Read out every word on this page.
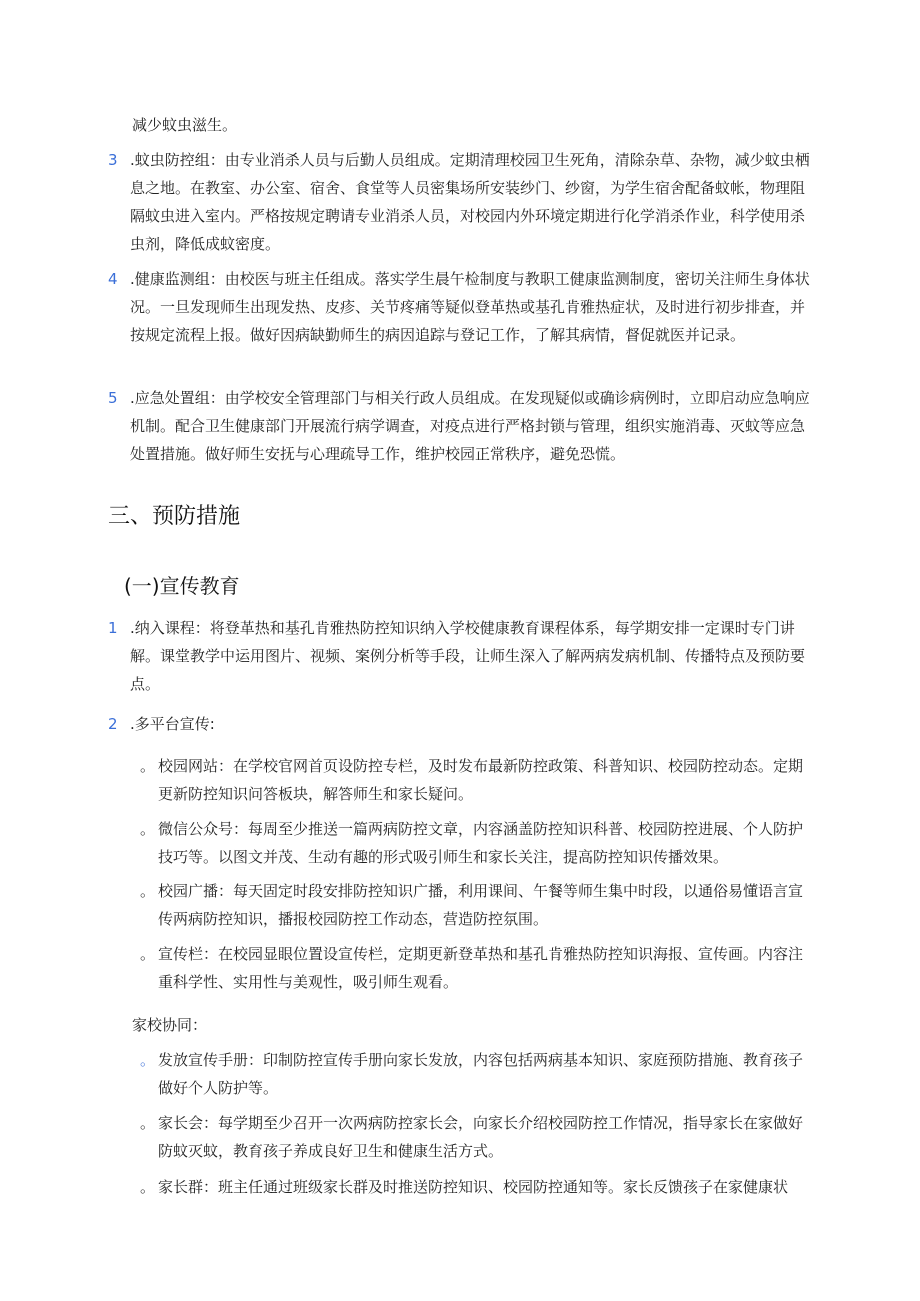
减少蚊虫滋生。

3 .蚊虫防控组：由专业消杀人员与后勤人员组成。定期清理校园卫生死角，清除杂草、杂物，减少蚊虫栖息之地。在教室、办公室、宿舍、食堂等人员密集场所安装纱门、纱窗，为学生宿舍配备蚊帐，物理阻隔蚊虫进入室内。严格按规定聘请专业消杀人员，对校园内外环境定期进行化学消杀作业，科学使用杀虫剂，降低成蚊密度。

4 .健康监测组：由校医与班主任组成。落实学生晨午检制度与教职工健康监测制度，密切关注师生身体状况。一旦发现师生出现发热、皮疹、关节疼痛等疑似登革热或基孔肯雅热症状，及时进行初步排查，并按规定流程上报。做好因病缺勤师生的病因追踪与登记工作，了解其病情，督促就医并记录。

5 .应急处置组：由学校安全管理部门与相关行政人员组成。在发现疑似或确诊病例时，立即启动应急响应机制。配合卫生健康部门开展流行病学调查，对疫点进行严格封锁与管理，组织实施消毒、灭蚊等应急处置措施。做好师生安抚与心理疏导工作，维护校园正常秩序，避免恐慌。

三、预防措施
(一)宣传教育
1 .纳入课程：将登革热和基孔肯雅热防控知识纳入学校健康教育课程体系，每学期安排一定课时专门讲解。课堂教学中运用图片、视频、案例分析等手段，让师生深入了解两病发病机制、传播特点及预防要点。

2 .多平台宣传:

。 校园网站：在学校官网首页设防控专栏，及时发布最新防控政策、科普知识、校园防控动态。定期更新防控知识问答板块，解答师生和家长疑问。

。 微信公众号：每周至少推送一篇两病防控文章，内容涵盖防控知识科普、校园防控进展、个人防护技巧等。以图文并茂、生动有趣的形式吸引师生和家长关注，提高防控知识传播效果。

。 校园广播：每天固定时段安排防控知识广播，利用课间、午餐等师生集中时段，以通俗易懂语言宣传两病防控知识，播报校园防控工作动态，营造防控氛围。

。 宣传栏：在校园显眼位置设宣传栏，定期更新登革热和基孔肯雅热防控知识海报、宣传画。内容注重科学性、实用性与美观性，吸引师生观看。

家校协同：
。 发放宣传手册：印制防控宣传手册向家长发放，内容包括两病基本知识、家庭预防措施、教育孩子做好个人防护等。

。 家长会：每学期至少召开一次两病防控家长会，向家长介绍校园防控工作情况，指导家长在家做好防蚊灭蚊，教育孩子养成良好卫生和健康生活方式。

。 家长群：班主任通过班级家长群及时推送防控知识、校园防控通知等。家长反馈孩子在家健康状
